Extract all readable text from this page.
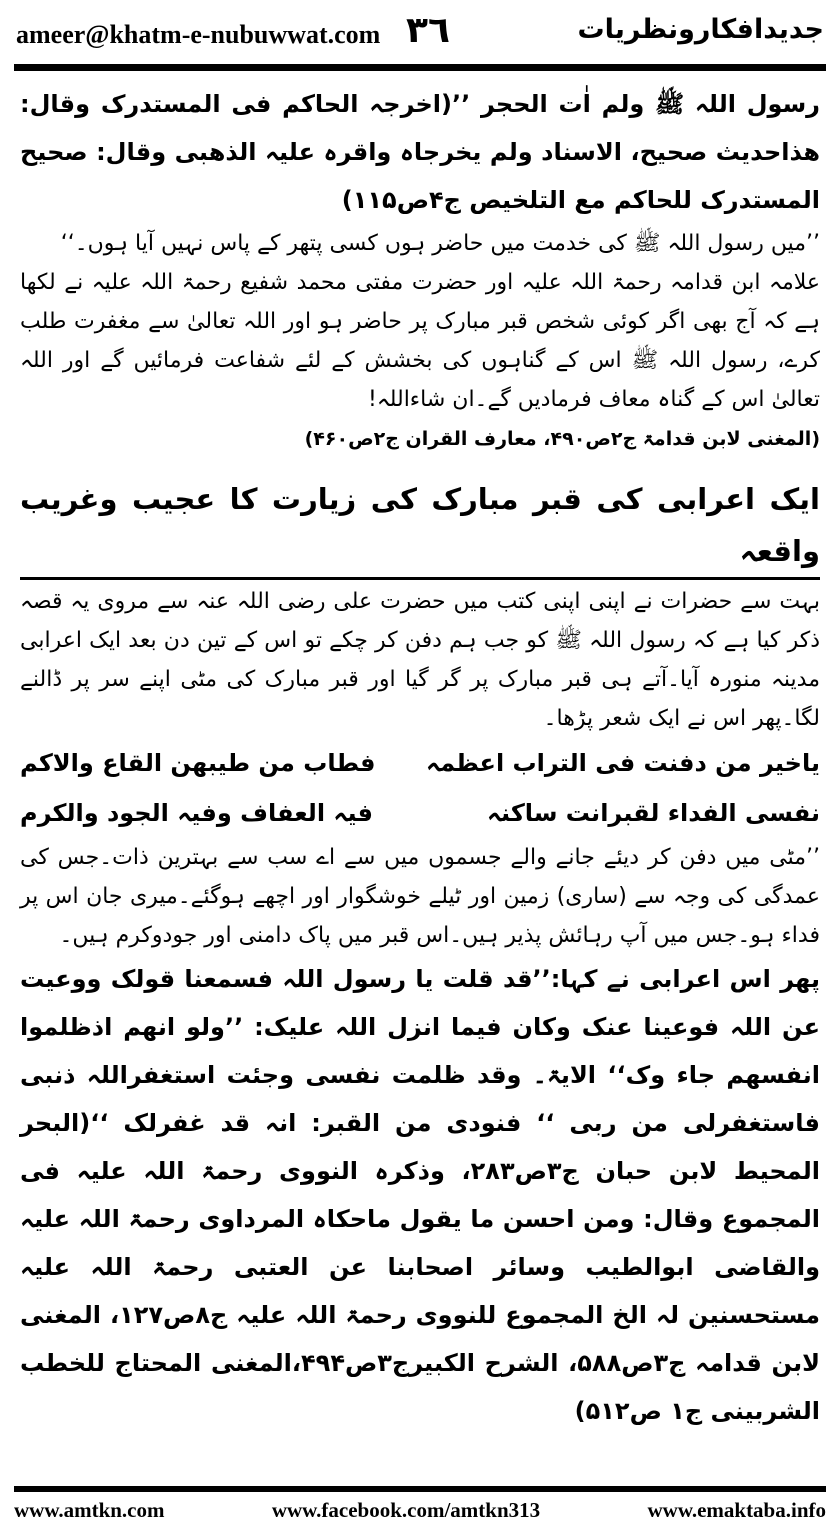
ameer@khatm-e-nubuwwat.com ۳٦	جدیدافکارونظریات

رسول اللہ ﷺ ولم اٰت الحجر ’’(اخرجہ الحاکم فی المستدرک وقال: ھذاحدیث صحیح، الاسناد ولم یخرجاہ واقرہ علیہ الذھبی وقال: صحیح المستدرک للحاکم مع التلخیص ج۴ص۱۱۵)

’’میں رسول اللہ ﷺ کی خدمت میں حاضر ہوں کسی پتھر کے پاس نہیں آیا ہوں۔‘‘

علامہ ابن قدامہ رحمۃ اللہ علیہ اور حضرت مفتی محمد شفیع رحمۃ اللہ علیہ نے لکھا ہے کہ آج بھی اگر کوئی شخص قبر مبارک پر حاضر ہو اور اللہ تعالیٰ سے مغفرت طلب کرے، رسول اللہ ﷺ اس کے گناہوں کی بخشش کے لئے شفاعت فرمائیں گے اور اللہ تعالیٰ اس کے گناہ معاف فرمادیں گے۔ان شاءاللہ!

(المغنی لابن قدامۃ ج۲ص۴۹۰، معارف القران ج۲ص۴۶۰)

ایک اعرابی کی قبر مبارک کی زیارت کا عجیب وغریب واقعہ

بہت سے حضرات نے اپنی اپنی کتب میں حضرت علی رضی اللہ عنہ سے مروی یہ قصہ ذکر کیا ہے کہ رسول اللہ ﷺ کو جب ہم دفن کر چکے تو اس کے تین دن بعد ایک اعرابی مدینہ منورہ آیا۔آتے ہی قبر مبارک پر گر گیا اور قبر مبارک کی مٹی اپنے سر پر ڈالنے لگا۔پھر اس نے ایک شعر پڑھا۔

یاخیر من دفنت فی التراب اعظمہ
فطاب من طیبھن القاع والاکم
نفسی الفداء لقبرانت ساکنہ
فیہ العفاف وفیہ الجود والکرم

’’مٹی میں دفن کر دیئے جانے والے جسموں میں سے اے سب سے بہترین ذات۔جس کی عمدگی کی وجہ سے (ساری) زمین اور ٹیلے خوشگوار اور اچھے ہوگئے۔میری جان اس پر فداء ہو۔جس میں آپ رہائش پذیر ہیں۔اس قبر میں پاک دامنی اور جودوکرم ہیں۔

پھر اس اعرابی نے کہا:’’قد قلت یا رسول اللہ فسمعنا قولک ووعیت عن اللہ فوعینا عنک وکان فیما انزل اللہ علیک: ’’ولو انھم اذظلموا انفسھم جاء وک‘‘ الایۃ۔ وقد ظلمت نفسی وجئت استغفراللہ ذنبی فاستغفرلی من ربی ‘‘ فنودی من القبر: انہ قد غفرلک ‘‘(البحر المحیط لابن حبان ج۳ص۲۸۳، وذکرہ النووی رحمۃ اللہ علیہ فی المجموع وقال: ومن احسن ما یقول ماحکاہ المرداوی رحمۃ اللہ علیہ والقاضی ابوالطیب وسائر اصحابنا عن العتبی رحمۃ اللہ علیہ مستحسنین لہ الخ المجموع للنووی رحمۃ اللہ علیہ ج۸ص۱۲۷، المغنی لابن قدامہ ج۳ص۵۸۸، الشرح الکبیرج۳ص۴۹۴،المغنی المحتاج للخطب الشربینی ج۱ ص۵۱۲)

www.amtkn.com	www.facebook.com/amtkn313	www.emaktaba.info
